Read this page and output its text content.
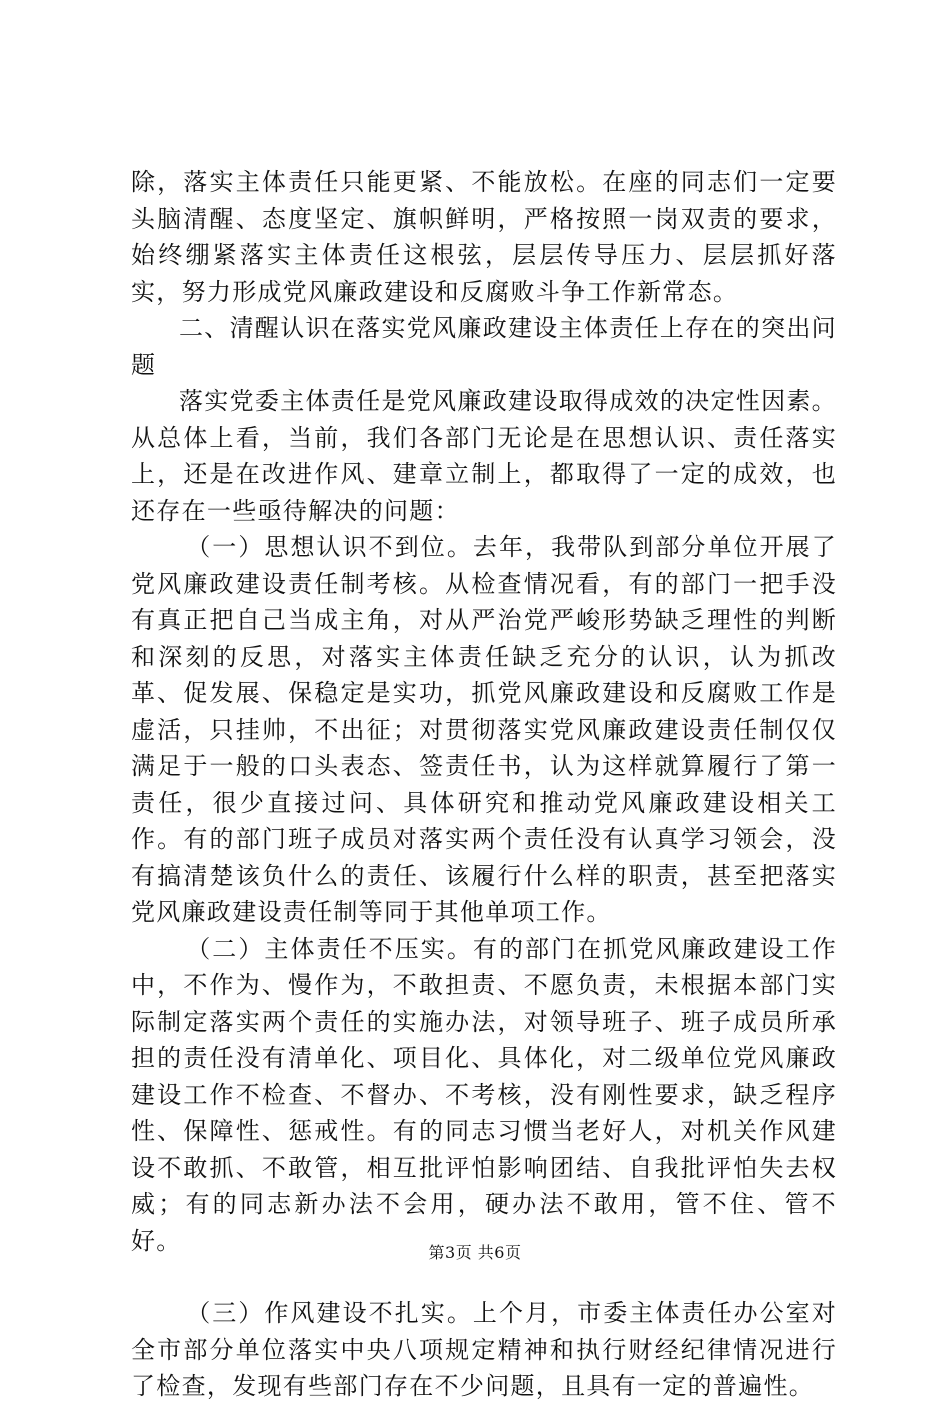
除，落实主体责任只能更紧、不能放松。在座的同志们一定要头脑清醒、态度坚定、旗帜鲜明，严格按照一岗双责的要求，始终绷紧落实主体责任这根弦，层层传导压力、层层抓好落实，努力形成党风廉政建设和反腐败斗争工作新常态。

二、清醒认识在落实党风廉政建设主体责任上存在的突出问题

落实党委主体责任是党风廉政建设取得成效的决定性因素。从总体上看，当前，我们各部门无论是在思想认识、责任落实上，还是在改进作风、建章立制上，都取得了一定的成效，也还存在一些亟待解决的问题：

（一）思想认识不到位。去年，我带队到部分单位开展了党风廉政建设责任制考核。从检查情况看，有的部门一把手没有真正把自己当成主角，对从严治党严峻形势缺乏理性的判断和深刻的反思，对落实主体责任缺乏充分的认识，认为抓改革、促发展、保稳定是实功，抓党风廉政建设和反腐败工作是虚活，只挂帅，不出征；对贯彻落实党风廉政建设责任制仅仅满足于一般的口头表态、签责任书，认为这样就算履行了第一责任，很少直接过问、具体研究和推动党风廉政建设相关工作。有的部门班子成员对落实两个责任没有认真学习领会，没有搞清楚该负什么的责任、该履行什么样的职责，甚至把落实党风廉政建设责任制等同于其他单项工作。

（二）主体责任不压实。有的部门在抓党风廉政建设工作中，不作为、慢作为，不敢担责、不愿负责，未根据本部门实际制定落实两个责任的实施办法，对领导班子、班子成员所承担的责任没有清单化、项目化、具体化，对二级单位党风廉政建设工作不检查、不督办、不考核，没有刚性要求，缺乏程序性、保障性、惩戒性。有的同志习惯当老好人，对机关作风建设不敢抓、不敢管，相互批评怕影响团结、自我批评怕失去权威；有的同志新办法不会用，硬办法不敢用，管不住、管不好。

（三）作风建设不扎实。上个月，市委主体责任办公室对全市部分单位落实中央八项规定精神和执行财经纪律情况进行了检查，发现有些部门存在不少问题，且具有一定的普遍性。

第3页 共6页
